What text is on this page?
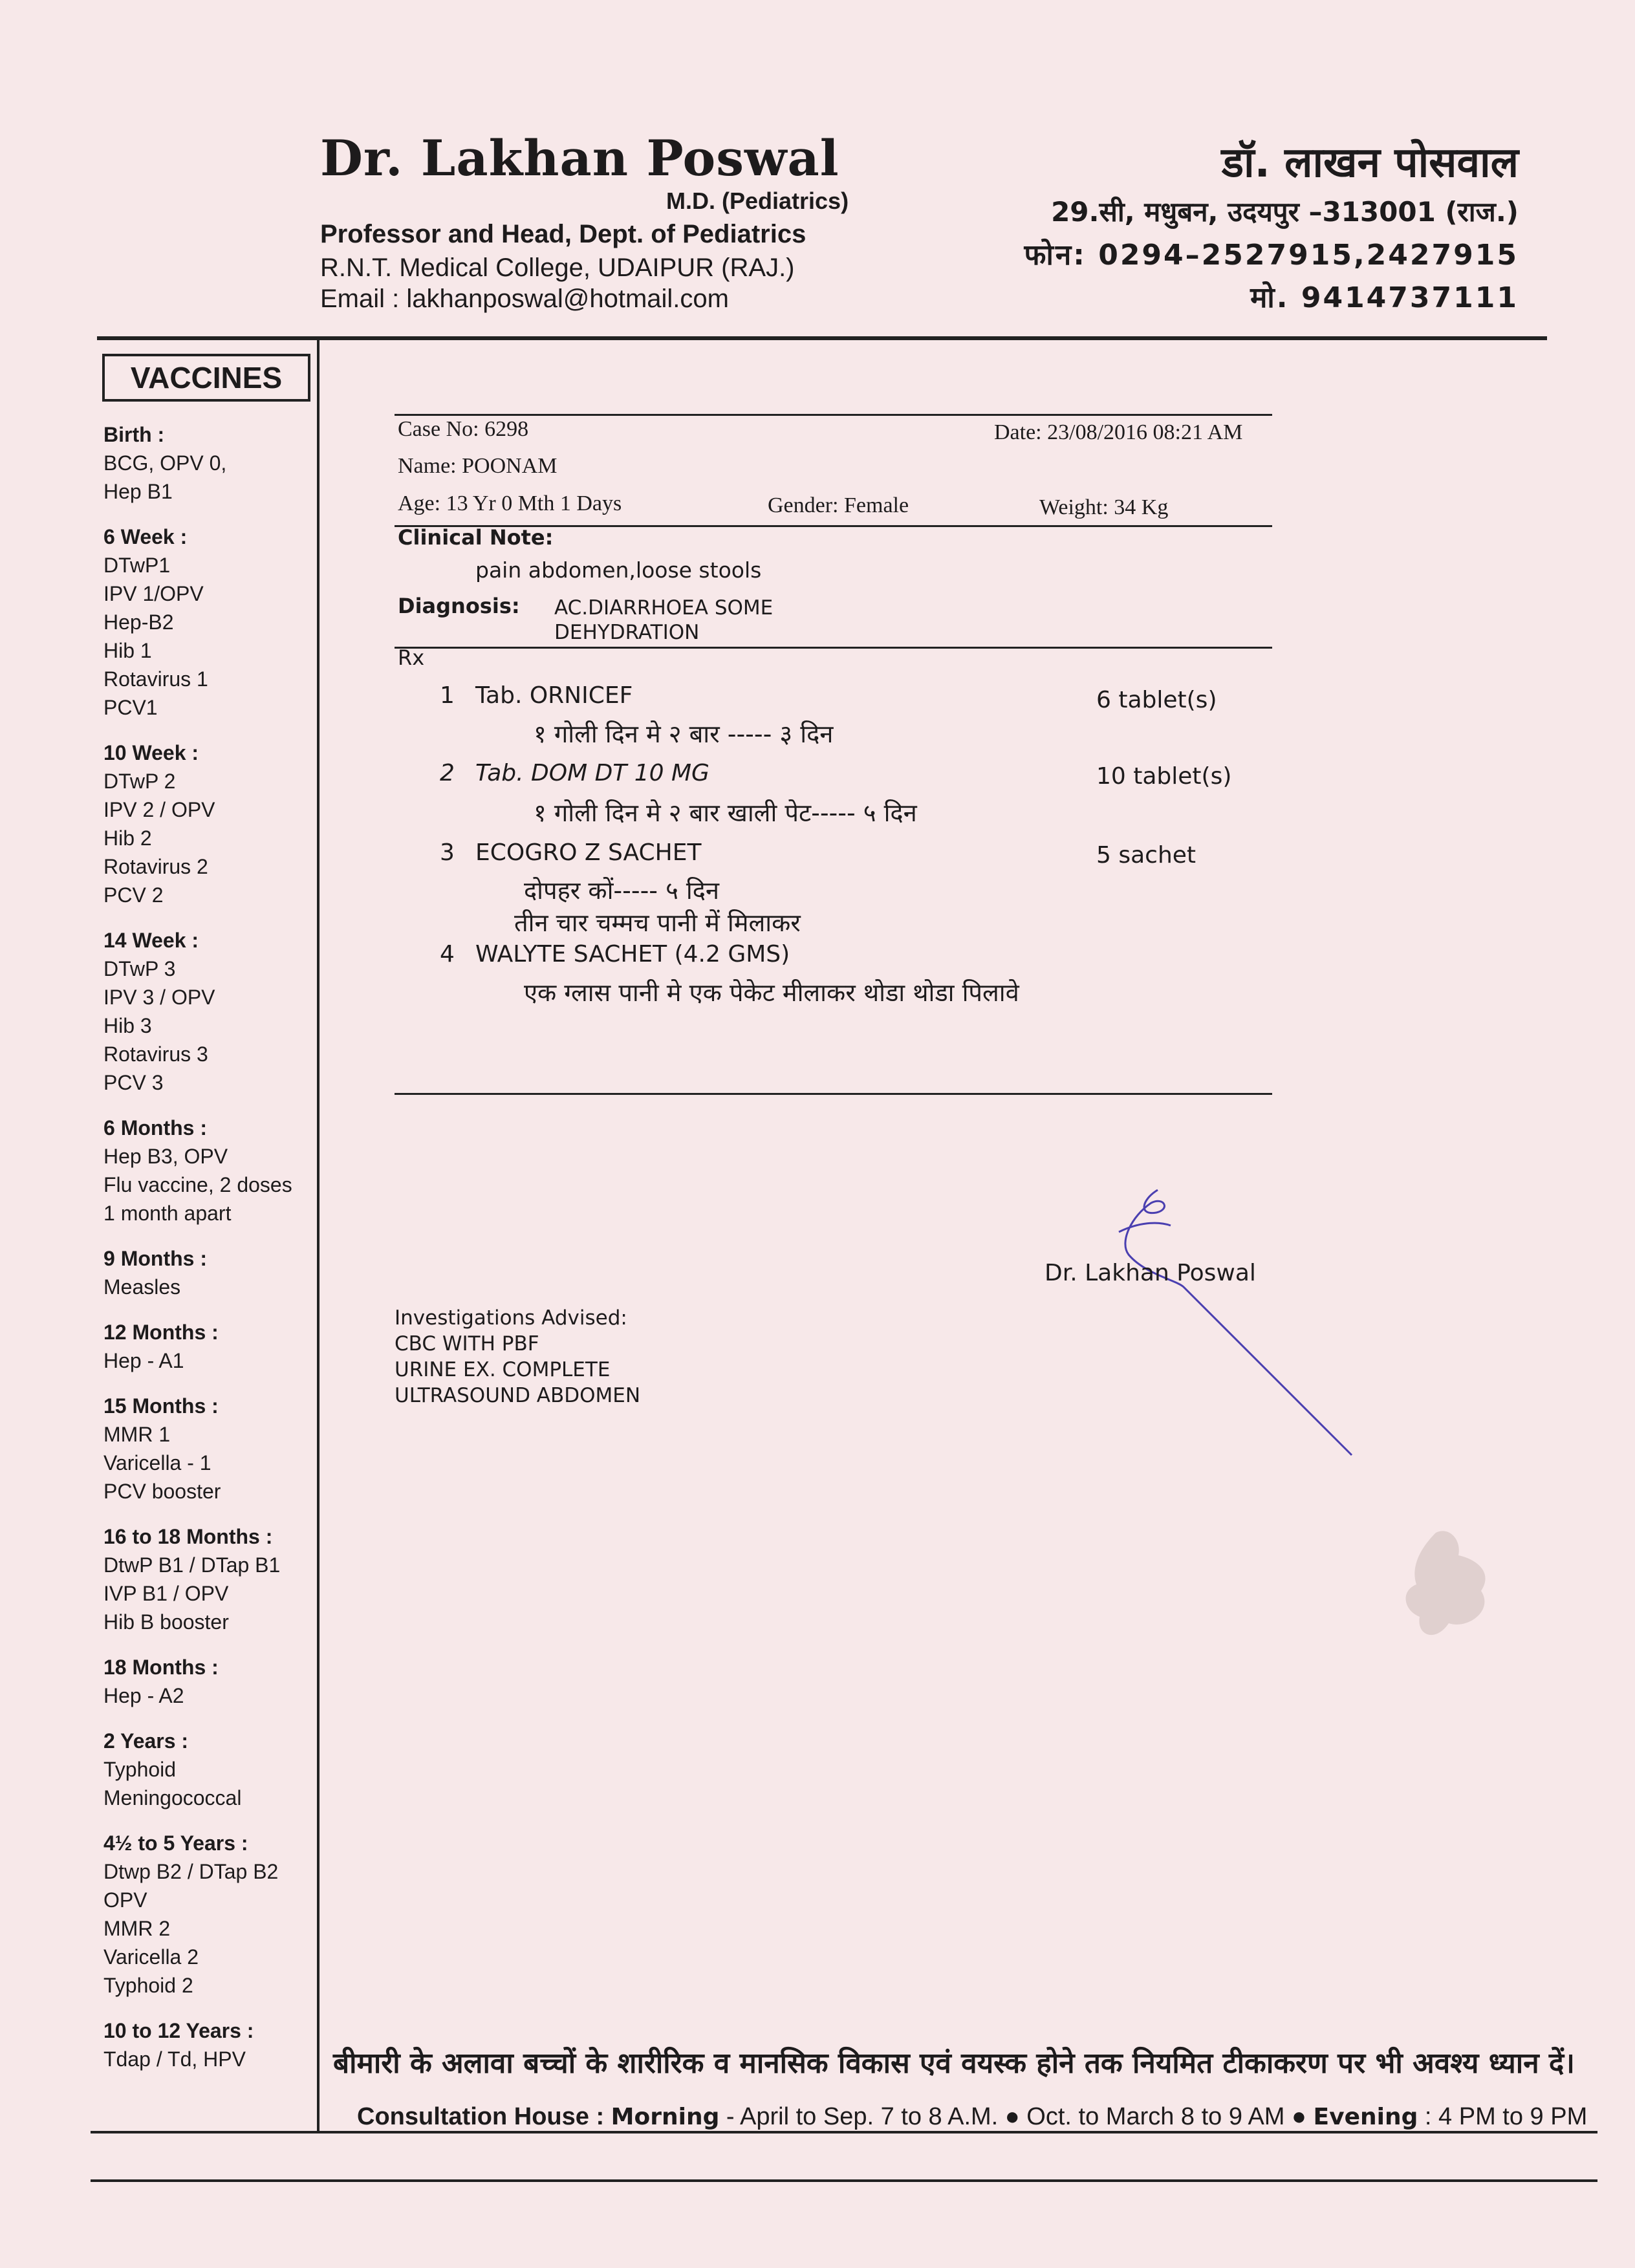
Dr. Lakhan Poswal
M.D. (Pediatrics)
Professor and Head, Dept. of Pediatrics
R.N.T. Medical College, UDAIPUR (RAJ.)
Email : lakhanposwal@hotmail.com
डॉ. लाखन पोसवाल
29.सी, मधुबन, उदयपुर –313001 (राज.)
फोन: 0294–2527915,2427915
मो. 9414737111
VACCINES
Birth :
BCG, OPV 0,
Hep B1
6 Week :
DTwP1
IPV 1/OPV
Hep-B2
Hib 1
Rotavirus 1
PCV1
10 Week :
DTwP 2
IPV 2 / OPV
Hib 2
Rotavirus 2
PCV 2
14 Week :
DTwP 3
IPV 3 / OPV
Hib 3
Rotavirus 3
PCV 3
6 Months :
Hep B3, OPV
Flu vaccine, 2 doses
1 month apart
9 Months :
Measles
12 Months :
Hep - A1
15 Months :
MMR 1
Varicella - 1
PCV booster
16 to 18 Months :
DtwP B1 / DTap B1
IVP B1 / OPV
Hib B booster
18 Months :
Hep - A2
2 Years :
Typhoid
Meningococcal
4½ to 5 Years :
Dtwp B2 / DTap B2
OPV
MMR 2
Varicella 2
Typhoid 2
10 to 12 Years :
Tdap / Td, HPV
Case No: 6298	Date: 23/08/2016 08:21 AM
Name: POONAM
Age: 13 Yr 0 Mth 1 Days	Gender: Female	Weight: 34 Kg
Clinical Note:
pain abdomen,loose stools
Diagnosis: AC.DIARRHOEA SOME
DEHYDRATION
Rx
1 Tab. ORNICEF	6 tablet(s)
१ गोली दिन मे २ बार ----- ३ दिन
2 Tab. DOM DT 10 MG	10 tablet(s)
१ गोली दिन मे २ बार खाली पेट----- ५ दिन
3 ECOGRO Z SACHET	5 sachet
दोपहर कों----- ५ दिन
तीन चार चम्मच पानी में मिलाकर
4 WALYTE SACHET (4.2 GMS)
एक ग्लास पानी मे एक पेकेट मीलाकर थोडा थोडा पिलावे
Dr. Lakhan Poswal
Investigations Advised:
CBC WITH PBF
URINE EX. COMPLETE
ULTRASOUND ABDOMEN
बीमारी के अलावा बच्चों के शारीरिक व मानसिक विकास एवं वयस्क होने तक नियमित टीकाकरण पर भी अवश्य ध्यान दें।
Consultation House : Morning - April to Sep. 7 to 8 A.M. ● Oct. to March 8 to 9 AM ● Evening : 4 PM to 9 PM
